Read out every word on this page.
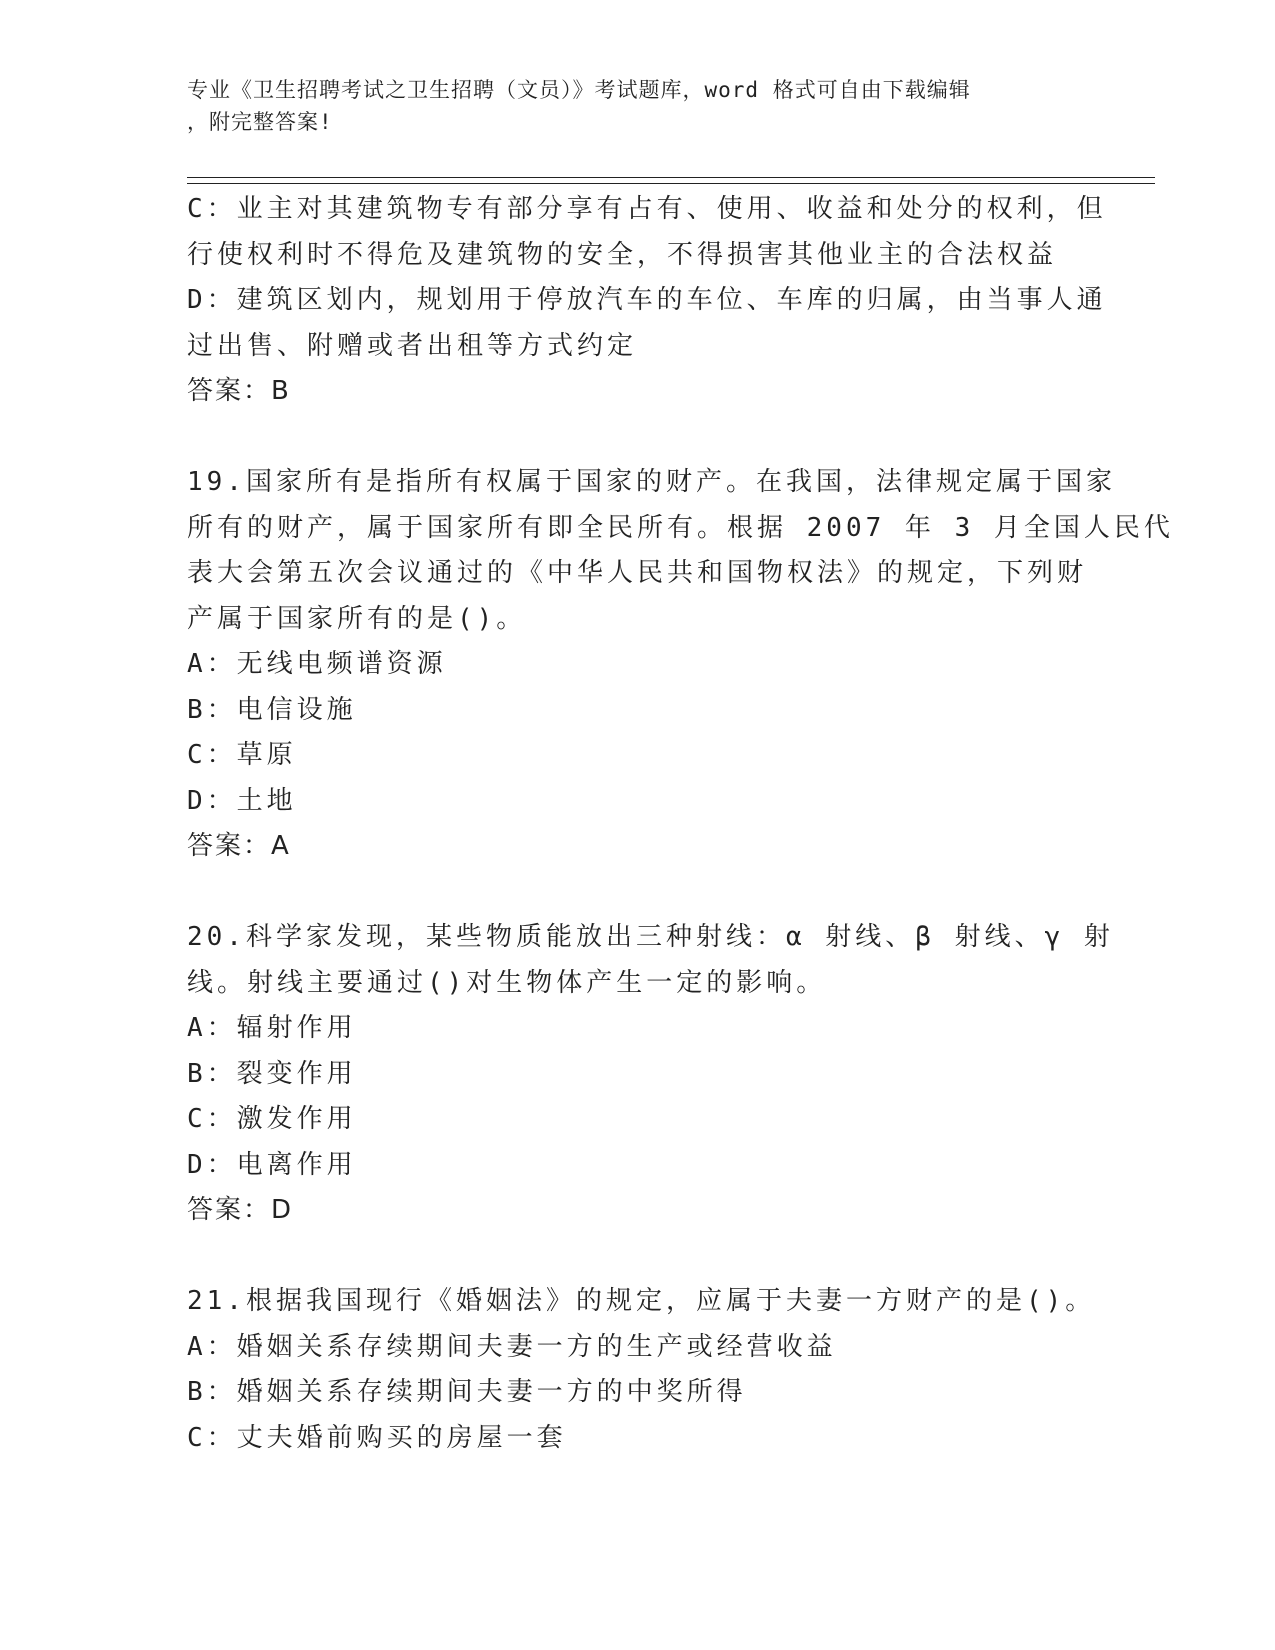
专业《卫生招聘考试之卫生招聘（文员）》考试题库，word 格式可自由下载编辑
，附完整答案!
C：业主对其建筑物专有部分享有占有、使用、收益和处分的权利，但
行使权利时不得危及建筑物的安全，不得损害其他业主的合法权益
D：建筑区划内，规划用于停放汽车的车位、车库的归属，由当事人通
过出售、附赠或者出租等方式约定
答案：B
19.国家所有是指所有权属于国家的财产。在我国，法律规定属于国家
所有的财产，属于国家所有即全民所有。根据 2007 年 3 月全国人民代
表大会第五次会议通过的《中华人民共和国物权法》的规定，下列财
产属于国家所有的是()。
A：无线电频谱资源
B：电信设施
C：草原
D：土地
答案：A
20.科学家发现，某些物质能放出三种射线：α 射线、β 射线、γ 射
线。射线主要通过()对生物体产生一定的影响。
A：辐射作用
B：裂变作用
C：激发作用
D：电离作用
答案：D
21.根据我国现行《婚姻法》的规定，应属于夫妻一方财产的是()。
A：婚姻关系存续期间夫妻一方的生产或经营收益
B：婚姻关系存续期间夫妻一方的中奖所得
C：丈夫婚前购买的房屋一套
